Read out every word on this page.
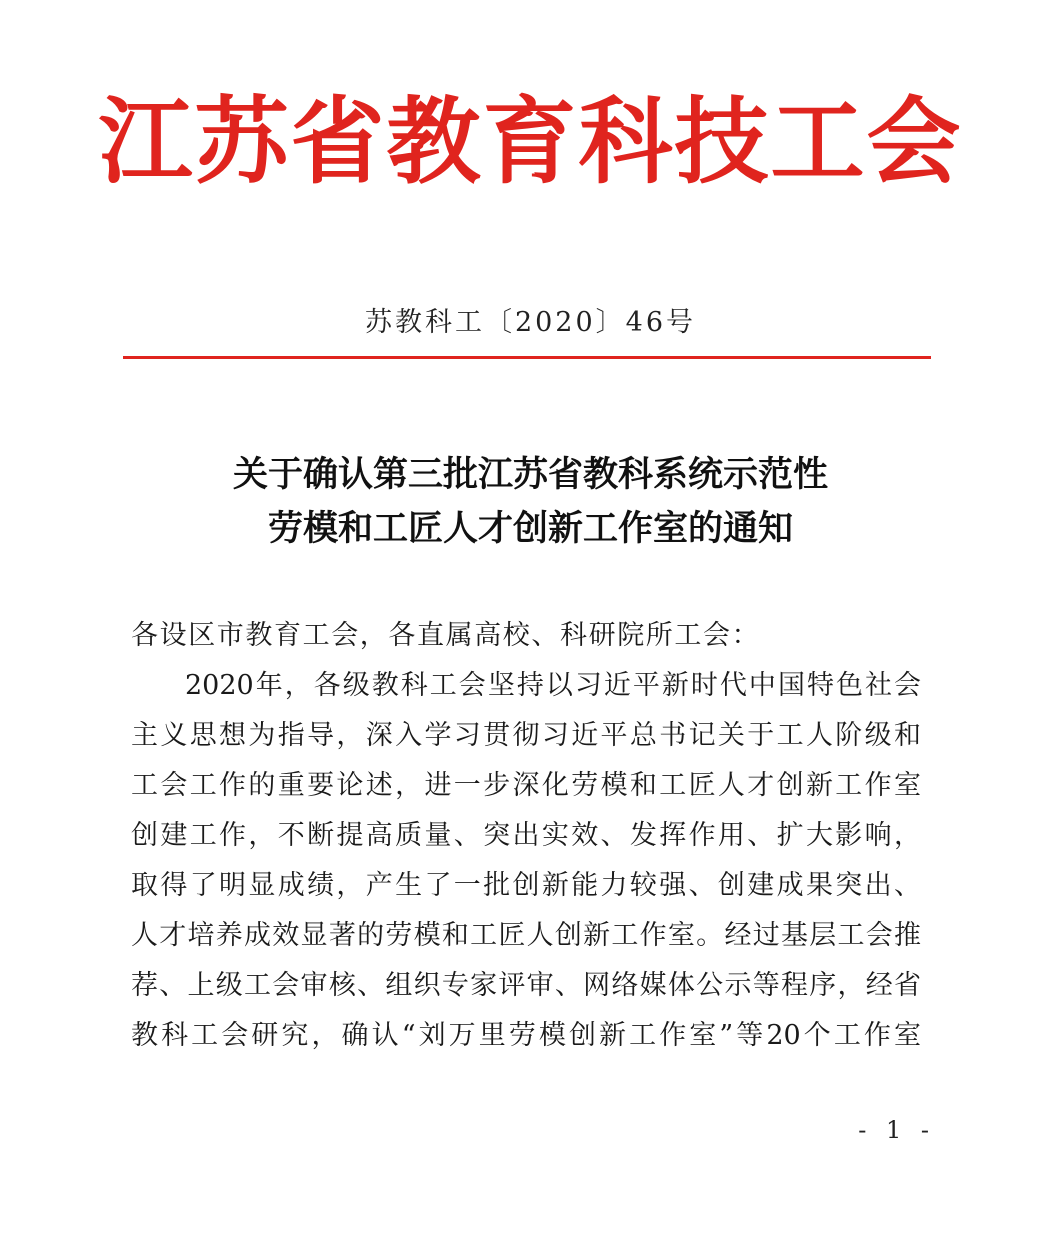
江苏省教育科技工会
苏教科工〔2020〕46号
关于确认第三批江苏省教科系统示范性
劳模和工匠人才创新工作室的通知
各设区市教育工会，各直属高校、科研院所工会：
2020年，各级教科工会坚持以习近平新时代中国特色社会
主义思想为指导，深入学习贯彻习近平总书记关于工人阶级和
工会工作的重要论述，进一步深化劳模和工匠人才创新工作室
创建工作，不断提高质量、突出实效、发挥作用、扩大影响，
取得了明显成绩，产生了一批创新能力较强、创建成果突出、
人才培养成效显著的劳模和工匠人创新工作室。经过基层工会推
荐、上级工会审核、组织专家评审、网络媒体公示等程序，经省
教科工会研究，确认“刘万里劳模创新工作室”等20个工作室
- 1 -
